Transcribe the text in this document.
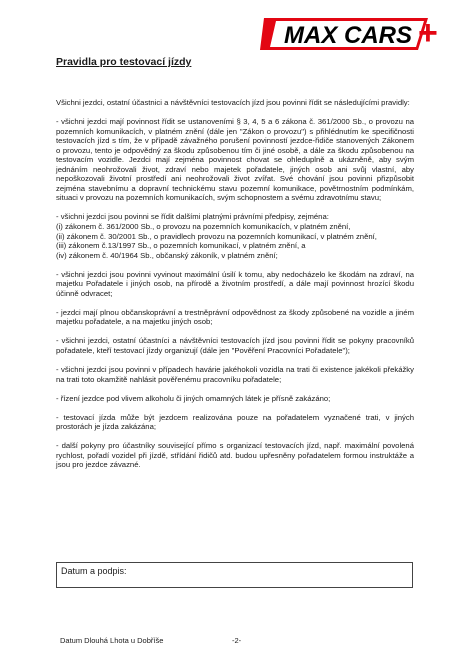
MAX CARS +
Pravidla pro testovací jízdy

Všichni jezdci, ostatní účastnici a návštěvníci testovacích jízd jsou povinni řídit se následujícími pravidly:

- všichni jezdci mají povinnost řídit se ustanoveními § 3, 4, 5 a 6 zákona č. 361/2000 Sb., o provozu na pozemních komunikacích, v platném znění (dále jen "Zákon o provozu") s přihlédnutím ke specifičnosti testovacích jízd s tím, že v případě závažného porušení povinností jezdce-řidiče stanovených Zákonem o provozu, tento je odpovědný za škodu způsobenou tím či jiné osobě, a dále za škodu způsobenou na testovacím vozidle. Jezdci mají zejména povinnost chovat se ohleduplně a ukázněně, aby svým jednáním neohrožovali život, zdraví nebo majetek pořadatele, jiných osob ani svůj vlastní, aby nepoškozovali životní prostředí ani neohrožovali život zvířat. Své chování jsou povinni přizpůsobit zejména stavebnímu a dopravní technickému stavu pozemní komunikace, povětrnostním podmínkám, situaci v provozu na pozemních komunikacích, svým schopnostem a svému zdravotnímu stavu;

- všichni jezdci jsou povinni se řídit dalšími platnými právními předpisy, zejména:
(i) zákonem č. 361/2000 Sb., o provozu na pozemních komunikacích, v platném znění,
(ii) zákonem č. 30/2001 Sb., o pravidlech provozu na pozemních komunikací, v platném znění,
(iii) zákonem č.13/1997 Sb., o pozemních komunikací, v platném znění, a
(iv) zákonem č. 40/1964 Sb., občanský zákoník, v platném znění;

- všichni jezdci jsou povinni vyvinout maximální úsilí k tomu, aby nedocházelo ke škodám na zdraví, na majetku Pořadatele i jiných osob, na přírodě a životním prostředí, a dále mají povinnost hrozící škodu účinně odvracet;

- jezdci mají plnou občanskoprávní a trestněprávní odpovědnost za škody způsobené na vozidle a jiném majetku pořadatele, a na majetku jiných osob;

- všichni jezdci, ostatní účastníci a návštěvníci testovacích jízd jsou povinni řídit se pokyny pracovníků pořadatele, kteří testovací jízdy organizují (dále jen "Pověření Pracovníci Pořadatele");

- všichni jezdci jsou povinni v případech havárie jakéhokoli vozidla na trati či existence jakékoli překážky na trati toto okamžitě nahlásit pověřenému pracovníku pořadatele;

- řízení jezdce pod vlivem alkoholu či jiných omamných látek je přísně zakázáno;

- testovací jízda může být jezdcem realizována pouze na pořadatelem vyznačené trati, v jiných prostorách je jízda zakázána;

- další pokyny pro účastníky související přímo s organizací testovacích jízd, např. maximální povolená rychlost, pořadí vozidel při jízdě, střídání řidičů atd. budou upřesněny pořadatelem formou instruktáže a jsou pro jezdce závazné.

Datum a podpis:
Datum Dlouhá Lhota u Dobříše	-2-
